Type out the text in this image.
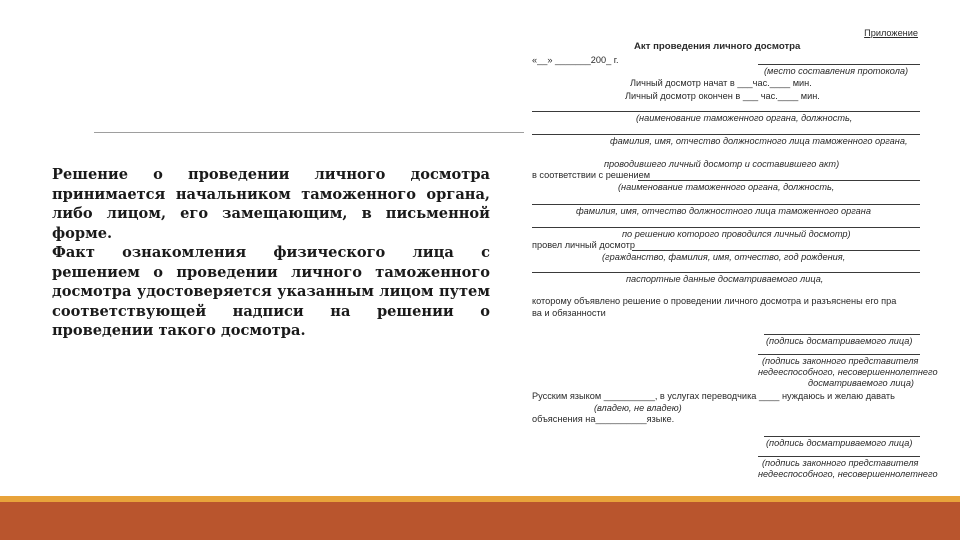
Решение о проведении личного досмотра принимается начальником таможенного органа, либо лицом, его замещающим, в письменной форме.

Факт ознакомления физического лица с решением о проведении личного таможенного досмотра удостоверяется указанным лицом путем соответствующей надписи на решении о проведении такого досмотра.

Приложение
Акт проведения личного досмотра
«__» _______200_ г.
(место составления протокола)
Личный досмотр начат в ___час.____ мин.
Личный досмотр окончен в ___ час.____ мин.
(наименование таможенного органа, должность,
фамилия, имя, отчество должностного лица таможенного органа,
проводившего личный досмотр и составившего акт)
в соответствии с решением
(наименование таможенного органа, должность,
фамилия, имя, отчество должностного лица таможенного органа
по решению которого проводился личный досмотр)
провел личный досмотр
(гражданство, фамилия, имя, отчество, год рождения,
паспортные данные досматриваемого лица,
которому объявлено решение о проведении личного досмотра и разъяснены его пра
ва и обязанности
(подпись досматриваемого лица)
(подпись законного представителя
недееспособного, несовершеннолетнего
досматриваемого лица)
Русским языком __________, в услугах переводчика ____ нуждаюсь и желаю давать
(владею, не владею)
объяснения на__________языке.
(подпись досматриваемого лица)
(подпись законного представителя
недееспособного, несовершеннолетнего
